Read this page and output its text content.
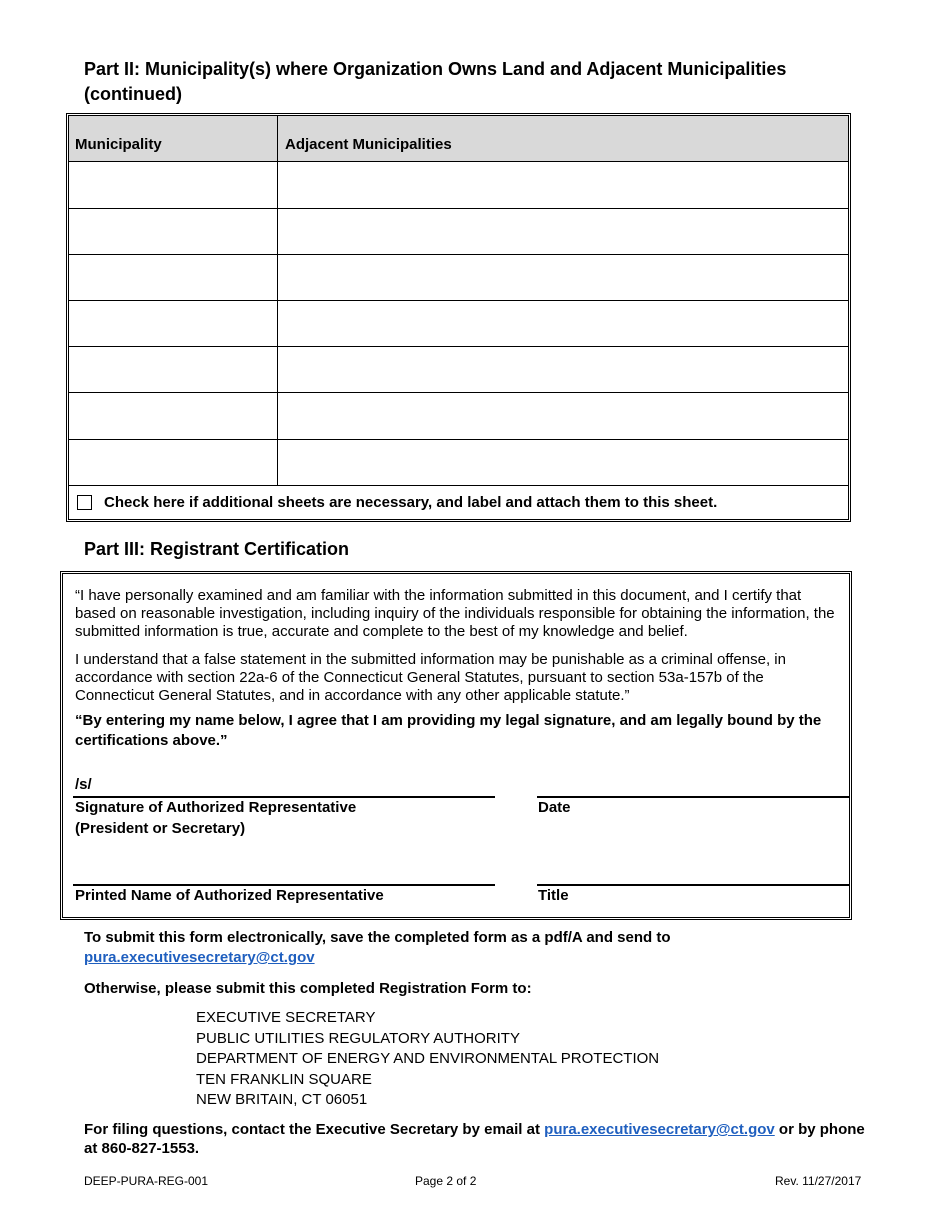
Part II: Municipality(s) where Organization Owns Land and Adjacent Municipalities (continued)
Municipality	Adjacent Municipalities
Check here if additional sheets are necessary, and label and attach them to this sheet.
Part III: Registrant Certification

“I have personally examined and am familiar with the information submitted in this document, and I certify that based on reasonable investigation, including inquiry of the individuals responsible for obtaining the information, the submitted information is true, accurate and complete to the best of my knowledge and belief.

I understand that a false statement in the submitted information may be punishable as a criminal offense, in accordance with section 22a-6 of the Connecticut General Statutes, pursuant to section 53a-157b of the Connecticut General Statutes, and in accordance with any other applicable statute.”

“By entering my name below, I agree that I am providing my legal signature, and am legally bound by the certifications above.”

/s/
Signature of Authorized Representative
(President or Secretary)
Date
Printed Name of Authorized Representative	Title
To submit this form electronically, save the completed form as a pdf/A and send to
pura.executivesecretary@ct.gov
Otherwise, please submit this completed Registration Form to:
EXECUTIVE SECRETARY
PUBLIC UTILITIES REGULATORY AUTHORITY
DEPARTMENT OF ENERGY AND ENVIRONMENTAL PROTECTION
TEN FRANKLIN SQUARE
NEW BRITAIN, CT 06051
For filing questions, contact the Executive Secretary by email at pura.executivesecretary@ct.gov or by phone at 860-827-1553.
DEEP-PURA-REG-001	Page 2 of 2	Rev. 11/27/2017
